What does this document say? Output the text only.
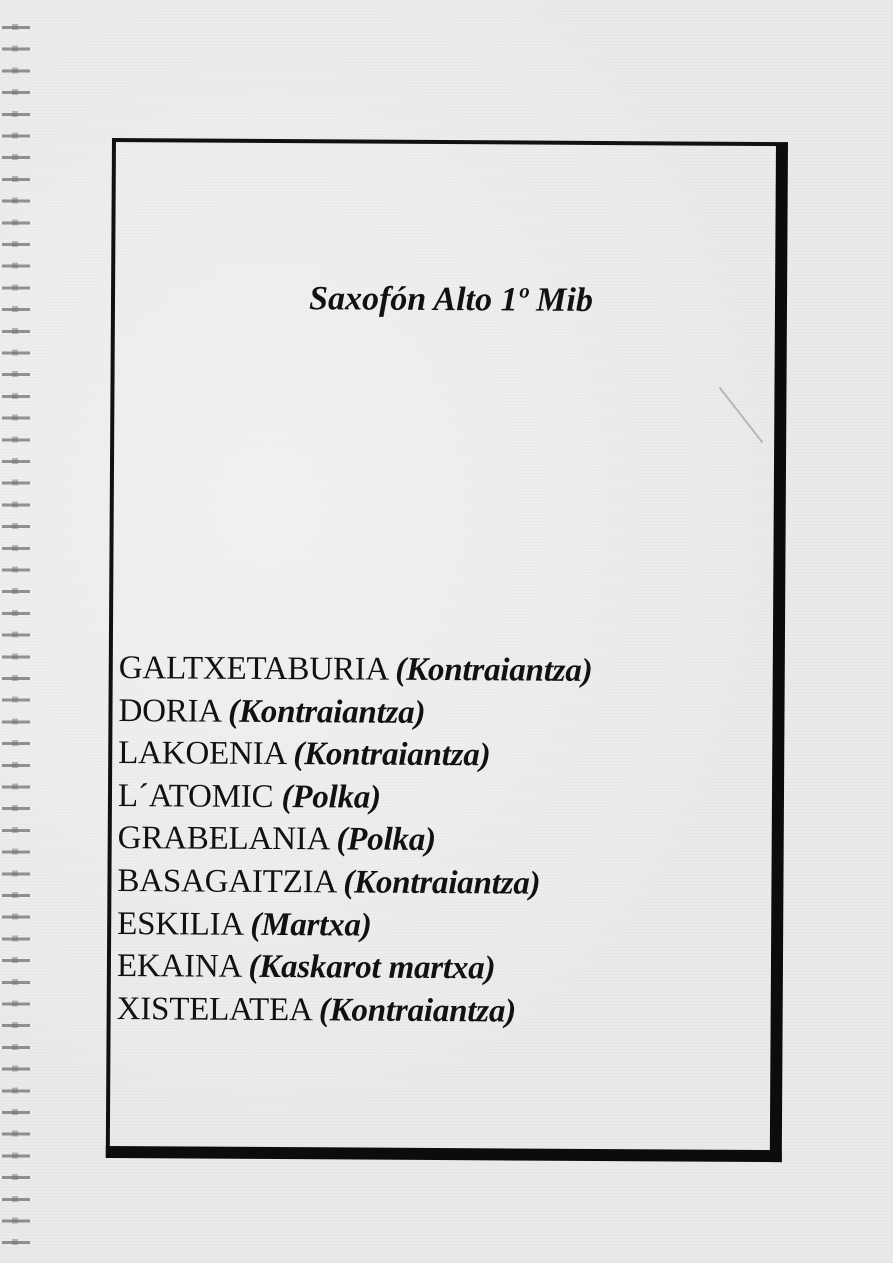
Saxofón Alto 1º Mib
GALTXETABURIA (Kontraiantza)
DORIA (Kontraiantza)
LAKOENIA (Kontraiantza)
L´ATOMIC (Polka)
GRABELANIA (Polka)
BASAGAITZIA (Kontraiantza)
ESKILIA (Martxa)
EKAINA (Kaskarot martxa)
XISTELATEA (Kontraiantza)
